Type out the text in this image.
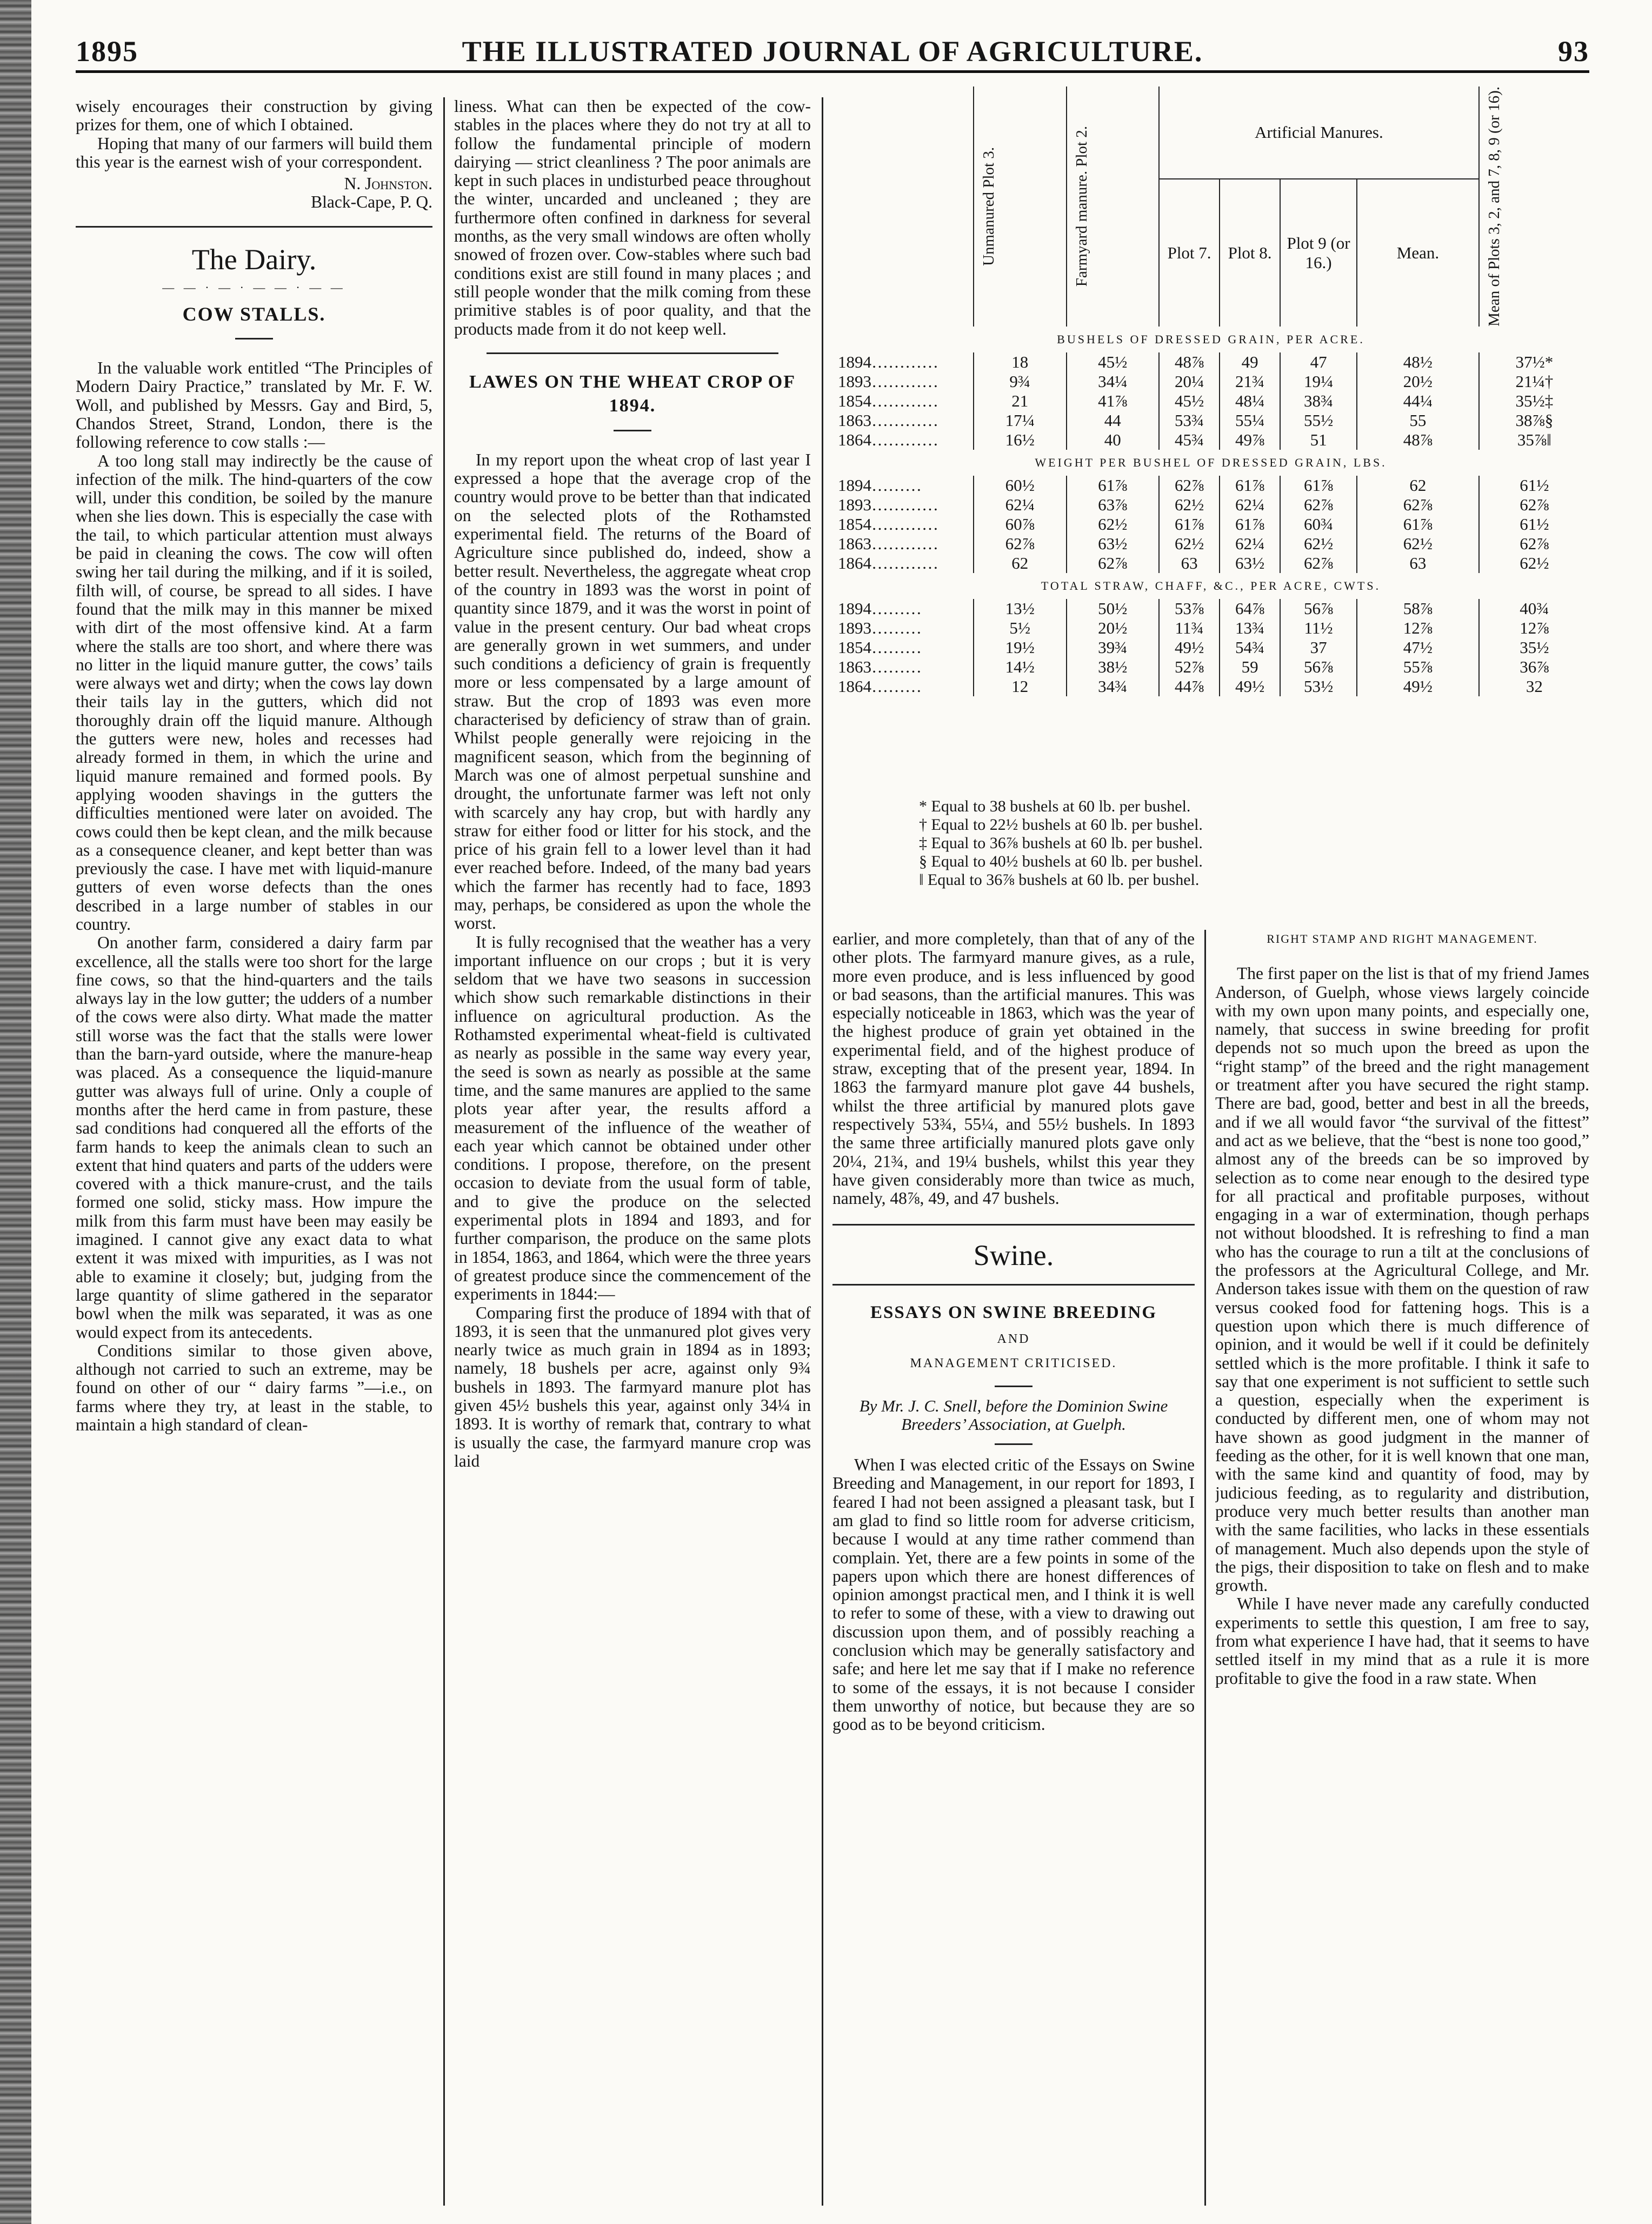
1895	THE ILLUSTRATED JOURNAL OF AGRICULTURE.	93

wisely encourages their construction by giving prizes for them, one of which I obtained.

Hoping that many of our farmers will build them this year is the earnest wish of your correspondent.

N. Johnston.
Black-Cape, P. Q.
The Dairy.
— — · — · — — · — —
COW STALLS.

In the valuable work entitled “The Principles of Modern Dairy Practice,” translated by Mr. F. W. Woll, and published by Messrs. Gay and Bird, 5, Chandos Street, Strand, London, there is the following reference to cow stalls :—

A too long stall may indirectly be the cause of infection of the milk. The hind-quarters of the cow will, under this condition, be soiled by the manure when she lies down. This is especially the case with the tail, to which particular attention must always be paid in cleaning the cows. The cow will often swing her tail during the milking, and if it is soiled, filth will, of course, be spread to all sides. I have found that the milk may in this manner be mixed with dirt of the most offensive kind. At a farm where the stalls are too short, and where there was no litter in the liquid manure gutter, the cows’ tails were always wet and dirty; when the cows lay down their tails lay in the gutters, which did not thoroughly drain off the liquid manure. Although the gutters were new, holes and recesses had already formed in them, in which the urine and liquid manure remained and formed pools. By applying wooden shavings in the gutters the difficulties mentioned were later on avoided. The cows could then be kept clean, and the milk because as a consequence cleaner, and kept better than was previously the case. I have met with liquid-manure gutters of even worse defects than the ones described in a large number of stables in our country.

On another farm, considered a dairy farm par excellence, all the stalls were too short for the large fine cows, so that the hind-quarters and the tails always lay in the low gutter; the udders of a number of the cows were also dirty. What made the matter still worse was the fact that the stalls were lower than the barn-yard outside, where the manure-heap was placed. As a consequence the liquid-manure gutter was always full of urine. Only a couple of months after the herd came in from pasture, these sad conditions had conquered all the efforts of the farm hands to keep the animals clean to such an extent that hind quaters and parts of the udders were covered with a thick manure-crust, and the tails formed one solid, sticky mass. How impure the milk from this farm must have been may easily be imagined. I cannot give any exact data to what extent it was mixed with impurities, as I was not able to examine it closely; but, judging from the large quantity of slime gathered in the separator bowl when the milk was separated, it was as one would expect from its antecedents.

Conditions similar to those given above, although not carried to such an extreme, may be found on other of our “ dairy farms ”—i.e., on farms where they try, at least in the stable, to maintain a high standard of clean-

liness. What can then be expected of the cow-stables in the places where they do not try at all to follow the fundamental principle of modern dairying — strict cleanliness ? The poor animals are kept in such places in undisturbed peace throughout the winter, uncarded and uncleaned ; they are furthermore often confined in darkness for several months, as the very small windows are often wholly snowed of frozen over. Cow-stables where such bad conditions exist are still found in many places ; and still people wonder that the milk coming from these primitive stables is of poor quality, and that the products made from it do not keep well.

LAWES ON THE WHEAT CROP OF 1894.

In my report upon the wheat crop of last year I expressed a hope that the average crop of the country would prove to be better than that indicated on the selected plots of the Rothamsted experimental field. The returns of the Board of Agriculture since published do, indeed, show a better result. Nevertheless, the aggregate wheat crop of the country in 1893 was the worst in point of quantity since 1879, and it was the worst in point of value in the present century. Our bad wheat crops are generally grown in wet summers, and under such conditions a deficiency of grain is frequently more or less compensated by a large amount of straw. But the crop of 1893 was even more characterised by deficiency of straw than of grain. Whilst people generally were rejoicing in the magnificent season, which from the beginning of March was one of almost perpetual sunshine and drought, the unfortunate farmer was left not only with scarcely any hay crop, but with hardly any straw for either food or litter for his stock, and the price of his grain fell to a lower level than it had ever reached before. Indeed, of the many bad years which the farmer has recently had to face, 1893 may, perhaps, be considered as upon the whole the worst.

It is fully recognised that the weather has a very important influence on our crops ; but it is very seldom that we have two seasons in succession which show such remarkable distinctions in their influence on agricultural production. As the Rothamsted experimental wheat-field is cultivated as nearly as possible in the same way every year, the seed is sown as nearly as possible at the same time, and the same manures are applied to the same plots year after year, the results afford a measurement of the influence of the weather of each year which cannot be obtained under other conditions. I propose, therefore, on the present occasion to deviate from the usual form of table, and to give the produce on the selected experimental plots in 1894 and 1893, and for further comparison, the produce on the same plots in 1854, 1863, and 1864, which were the three years of greatest produce since the commencement of the experiments in 1844:—

Comparing first the produce of 1894 with that of 1893, it is seen that the unmanured plot gives very nearly twice as much grain in 1894 as in 1893; namely, 18 bushels per acre, against only 9¾ bushels in 1893. The farmyard manure plot has given 45½ bushels this year, against only 34¼ in 1893. It is worthy of remark that, contrary to what is usually the case, the farmyard manure crop was laid

	Unmanured Plot 3.	Farmyard manure. Plot 2.	Artificial Manures.				Mean of Plots 3, 2, and 7, 8, 9 (or 16).

			Plot 7.	Plot 8.	Plot 9 (or 16.)	Mean.	
BUSHELS OF DRESSED GRAIN, PER ACRE.							
1894…………	18	45½	48⅞	49	47	48½	37½*
1893…………	9¾	34¼	20¼	21¾	19¼	20½	21¼†
1854…………	21	41⅞	45½	48¼	38¾	44¼	35½‡
1863…………	17¼	44	53¾	55¼	55½	55	38⅞§
1864…………	16½	40	45¾	49⅞	51	48⅞	35⅞‖
WEIGHT PER BUSHEL OF DRESSED GRAIN, LBS.							
1894………	60½	61⅞	62⅞	61⅞	61⅞	62	61½
1893…………	62¼	63⅞	62½	62¼	62⅞	62⅞	62⅞
1854…………	60⅞	62½	61⅞	61⅞	60¾	61⅞	61½
1863…………	62⅞	63½	62½	62¼	62½	62½	62⅞
1864…………	62	62⅞	63	63½	62⅞	63	62½
TOTAL STRAW, CHAFF, &C., PER ACRE, CWTS.							
1894………	13½	50½	53⅞	64⅞	56⅞	58⅞	40¾
1893………	5½	20½	11¾	13¾	11½	12⅞	12⅞
1854………	19½	39¾	49½	54¾	37	47½	35½
1863………	14½	38½	52⅞	59	56⅞	55⅞	36⅞
1864………	12	34¾	44⅞	49½	53½	49½	32
* Equal to 38 bushels at 60 lb. per bushel.
† Equal to 22½ bushels at 60 lb. per bushel.
‡ Equal to 36⅞ bushels at 60 lb. per bushel.
§ Equal to 40½ bushels at 60 lb. per bushel.
‖ Equal to 36⅞ bushels at 60 lb. per bushel.

earlier, and more completely, than that of any of the other plots. The farmyard manure gives, as a rule, more even produce, and is less influenced by good or bad seasons, than the artificial manures. This was especially noticeable in 1863, which was the year of the highest produce of grain yet obtained in the experimental field, and of the highest produce of straw, excepting that of the present year, 1894. In 1863 the farmyard manure plot gave 44 bushels, whilst the three artificial by manured plots gave respectively 53¾, 55¼, and 55½ bushels. In 1893 the same three artificially manured plots gave only 20¼, 21¾, and 19¼ bushels, whilst this year they have given considerably more than twice as much, namely, 48⅞, 49, and 47 bushels.

Swine.
ESSAYS ON SWINE BREEDING
AND
MANAGEMENT CRITICISED.
By Mr. J. C. Snell, before the Dominion Swine Breeders’ Association, at Guelph.

When I was elected critic of the Essays on Swine Breeding and Management, in our report for 1893, I feared I had not been assigned a pleasant task, but I am glad to find so little room for adverse criticism, because I would at any time rather commend than complain. Yet, there are a few points in some of the papers upon which there are honest differences of opinion amongst practical men, and I think it is well to refer to some of these, with a view to drawing out discussion upon them, and of possibly reaching a conclusion which may be generally satisfactory and safe; and here let me say that if I make no reference to some of the essays, it is not because I consider them unworthy of notice, but because they are so good as to be beyond criticism.

RIGHT STAMP AND RIGHT MANAGEMENT.

The first paper on the list is that of my friend James Anderson, of Guelph, whose views largely coincide with my own upon many points, and especially one, namely, that success in swine breeding for profit depends not so much upon the breed as upon the “right stamp” of the breed and the right management or treatment after you have secured the right stamp. There are bad, good, better and best in all the breeds, and if we all would favor “the survival of the fittest” and act as we believe, that the “best is none too good,” almost any of the breeds can be so improved by selection as to come near enough to the desired type for all practical and profitable purposes, without engaging in a war of extermination, though perhaps not without bloodshed. It is refreshing to find a man who has the courage to run a tilt at the conclusions of the professors at the Agricultural College, and Mr. Anderson takes issue with them on the question of raw versus cooked food for fattening hogs. This is a question upon which there is much difference of opinion, and it would be well if it could be definitely settled which is the more profitable. I think it safe to say that one experiment is not sufficient to settle such a question, especially when the experiment is conducted by different men, one of whom may not have shown as good judgment in the manner of feeding as the other, for it is well known that one man, with the same kind and quantity of food, may by judicious feeding, as to regularity and distribution, produce very much better results than another man with the same facilities, who lacks in these essentials of management. Much also depends upon the style of the pigs, their disposition to take on flesh and to make growth.

While I have never made any carefully conducted experiments to settle this question, I am free to say, from what experience I have had, that it seems to have settled itself in my mind that as a rule it is more profitable to give the food in a raw state. When
